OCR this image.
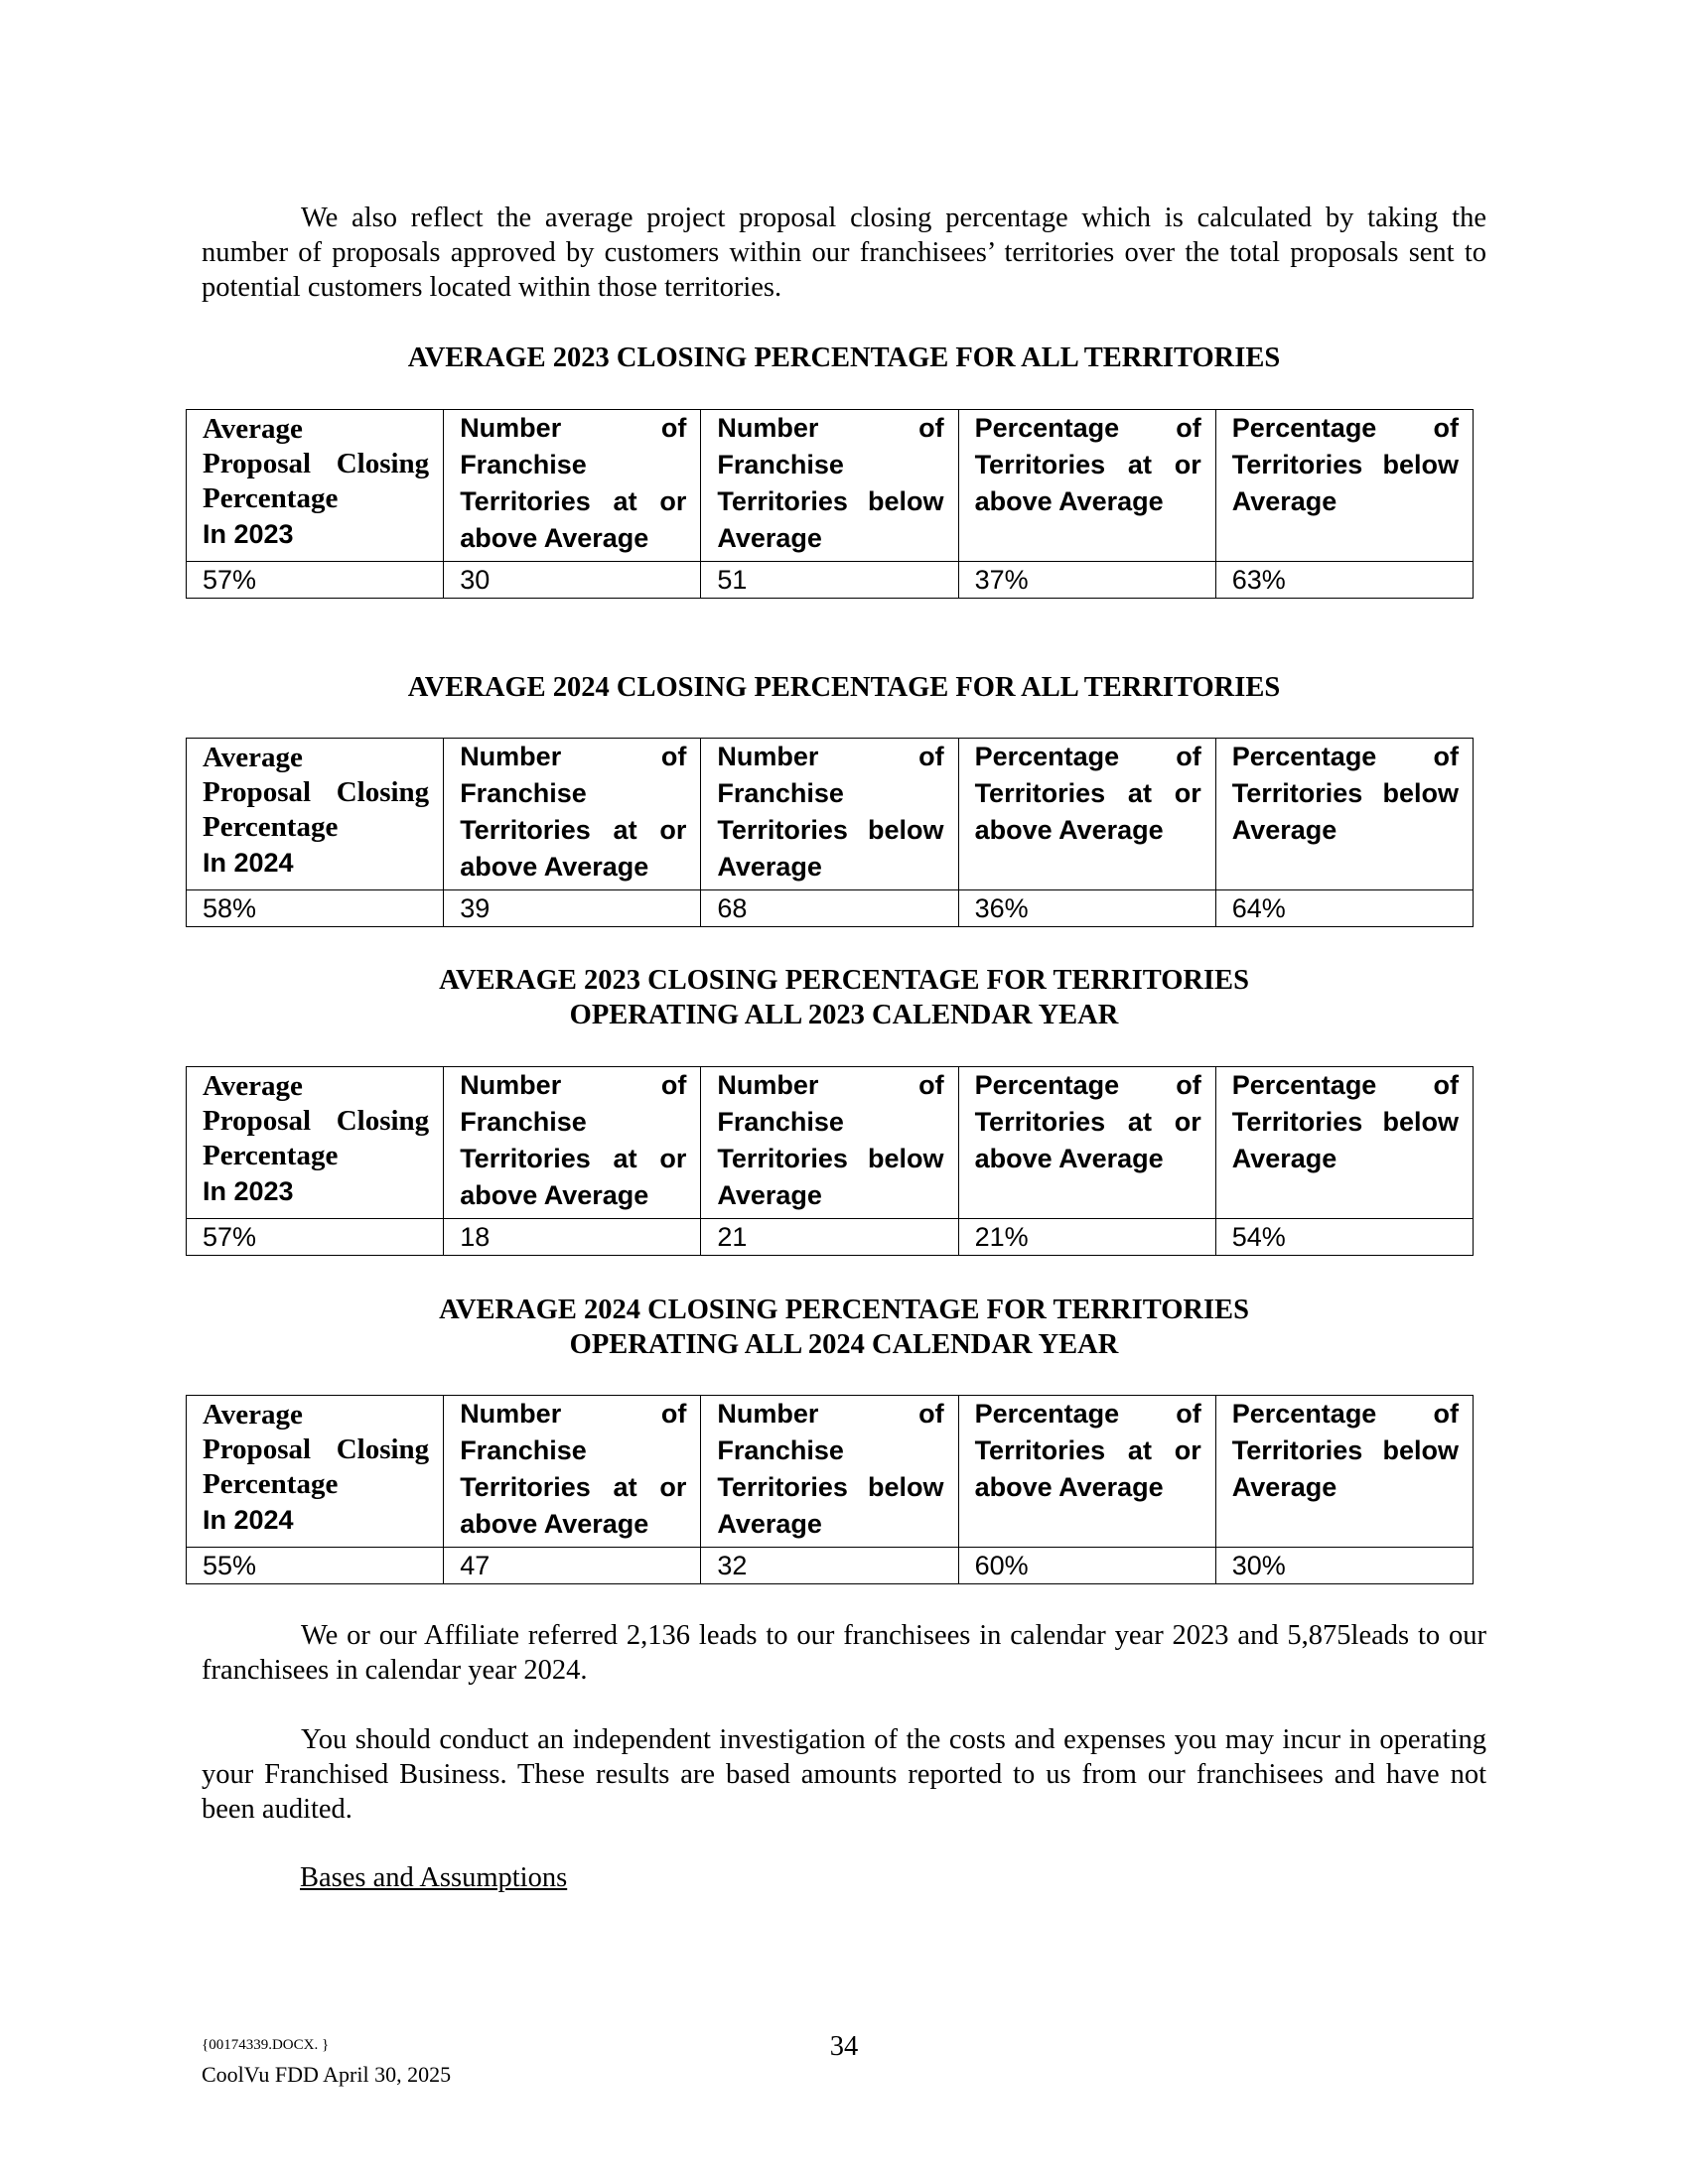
We also reflect the average project proposal closing percentage which is calculated by taking the number of proposals approved by customers within our franchisees’ territories over the total proposals sent to potential customers located within those territories.

AVERAGE 2023 CLOSING PERCENTAGE FOR ALL TERRITORIES

Average
Proposal Closing
Percentage
In 2023	Number of
Franchise
Territories at or
above Average	Number of
Franchise
Territories below
Average	Percentage of
Territories at or
above Average	Percentage of
Territories below
Average

57%	30	51	37%	63%

AVERAGE 2024 CLOSING PERCENTAGE FOR ALL TERRITORIES

Average
Proposal Closing
Percentage
In 2024	Number of
Franchise
Territories at or
above Average	Number of
Franchise
Territories below
Average	Percentage of
Territories at or
above Average	Percentage of
Territories below
Average

58%	39	68	36%	64%

AVERAGE 2023 CLOSING PERCENTAGE FOR TERRITORIES

OPERATING ALL 2023 CALENDAR YEAR

Average
Proposal Closing
Percentage
In 2023	Number of
Franchise
Territories at or
above Average	Number of
Franchise
Territories below
Average	Percentage of
Territories at or
above Average	Percentage of
Territories below
Average

57%	18	21	21%	54%

AVERAGE 2024 CLOSING PERCENTAGE FOR TERRITORIES

OPERATING ALL 2024 CALENDAR YEAR

Average
Proposal Closing
Percentage
In 2024	Number of
Franchise
Territories at or
above Average	Number of
Franchise
Territories below
Average	Percentage of
Territories at or
above Average	Percentage of
Territories below
Average

55%	47	32	60%	30%

We or our Affiliate referred 2,136 leads to our franchisees in calendar year 2023 and 5,875leads to our franchisees in calendar year 2024.

You should conduct an independent investigation of the costs and expenses you may incur in operating your Franchised Business. These results are based amounts reported to us from our franchisees and have not been audited.

Bases and Assumptions
{00174339.DOCX. }	34
CoolVu FDD April 30, 2025
